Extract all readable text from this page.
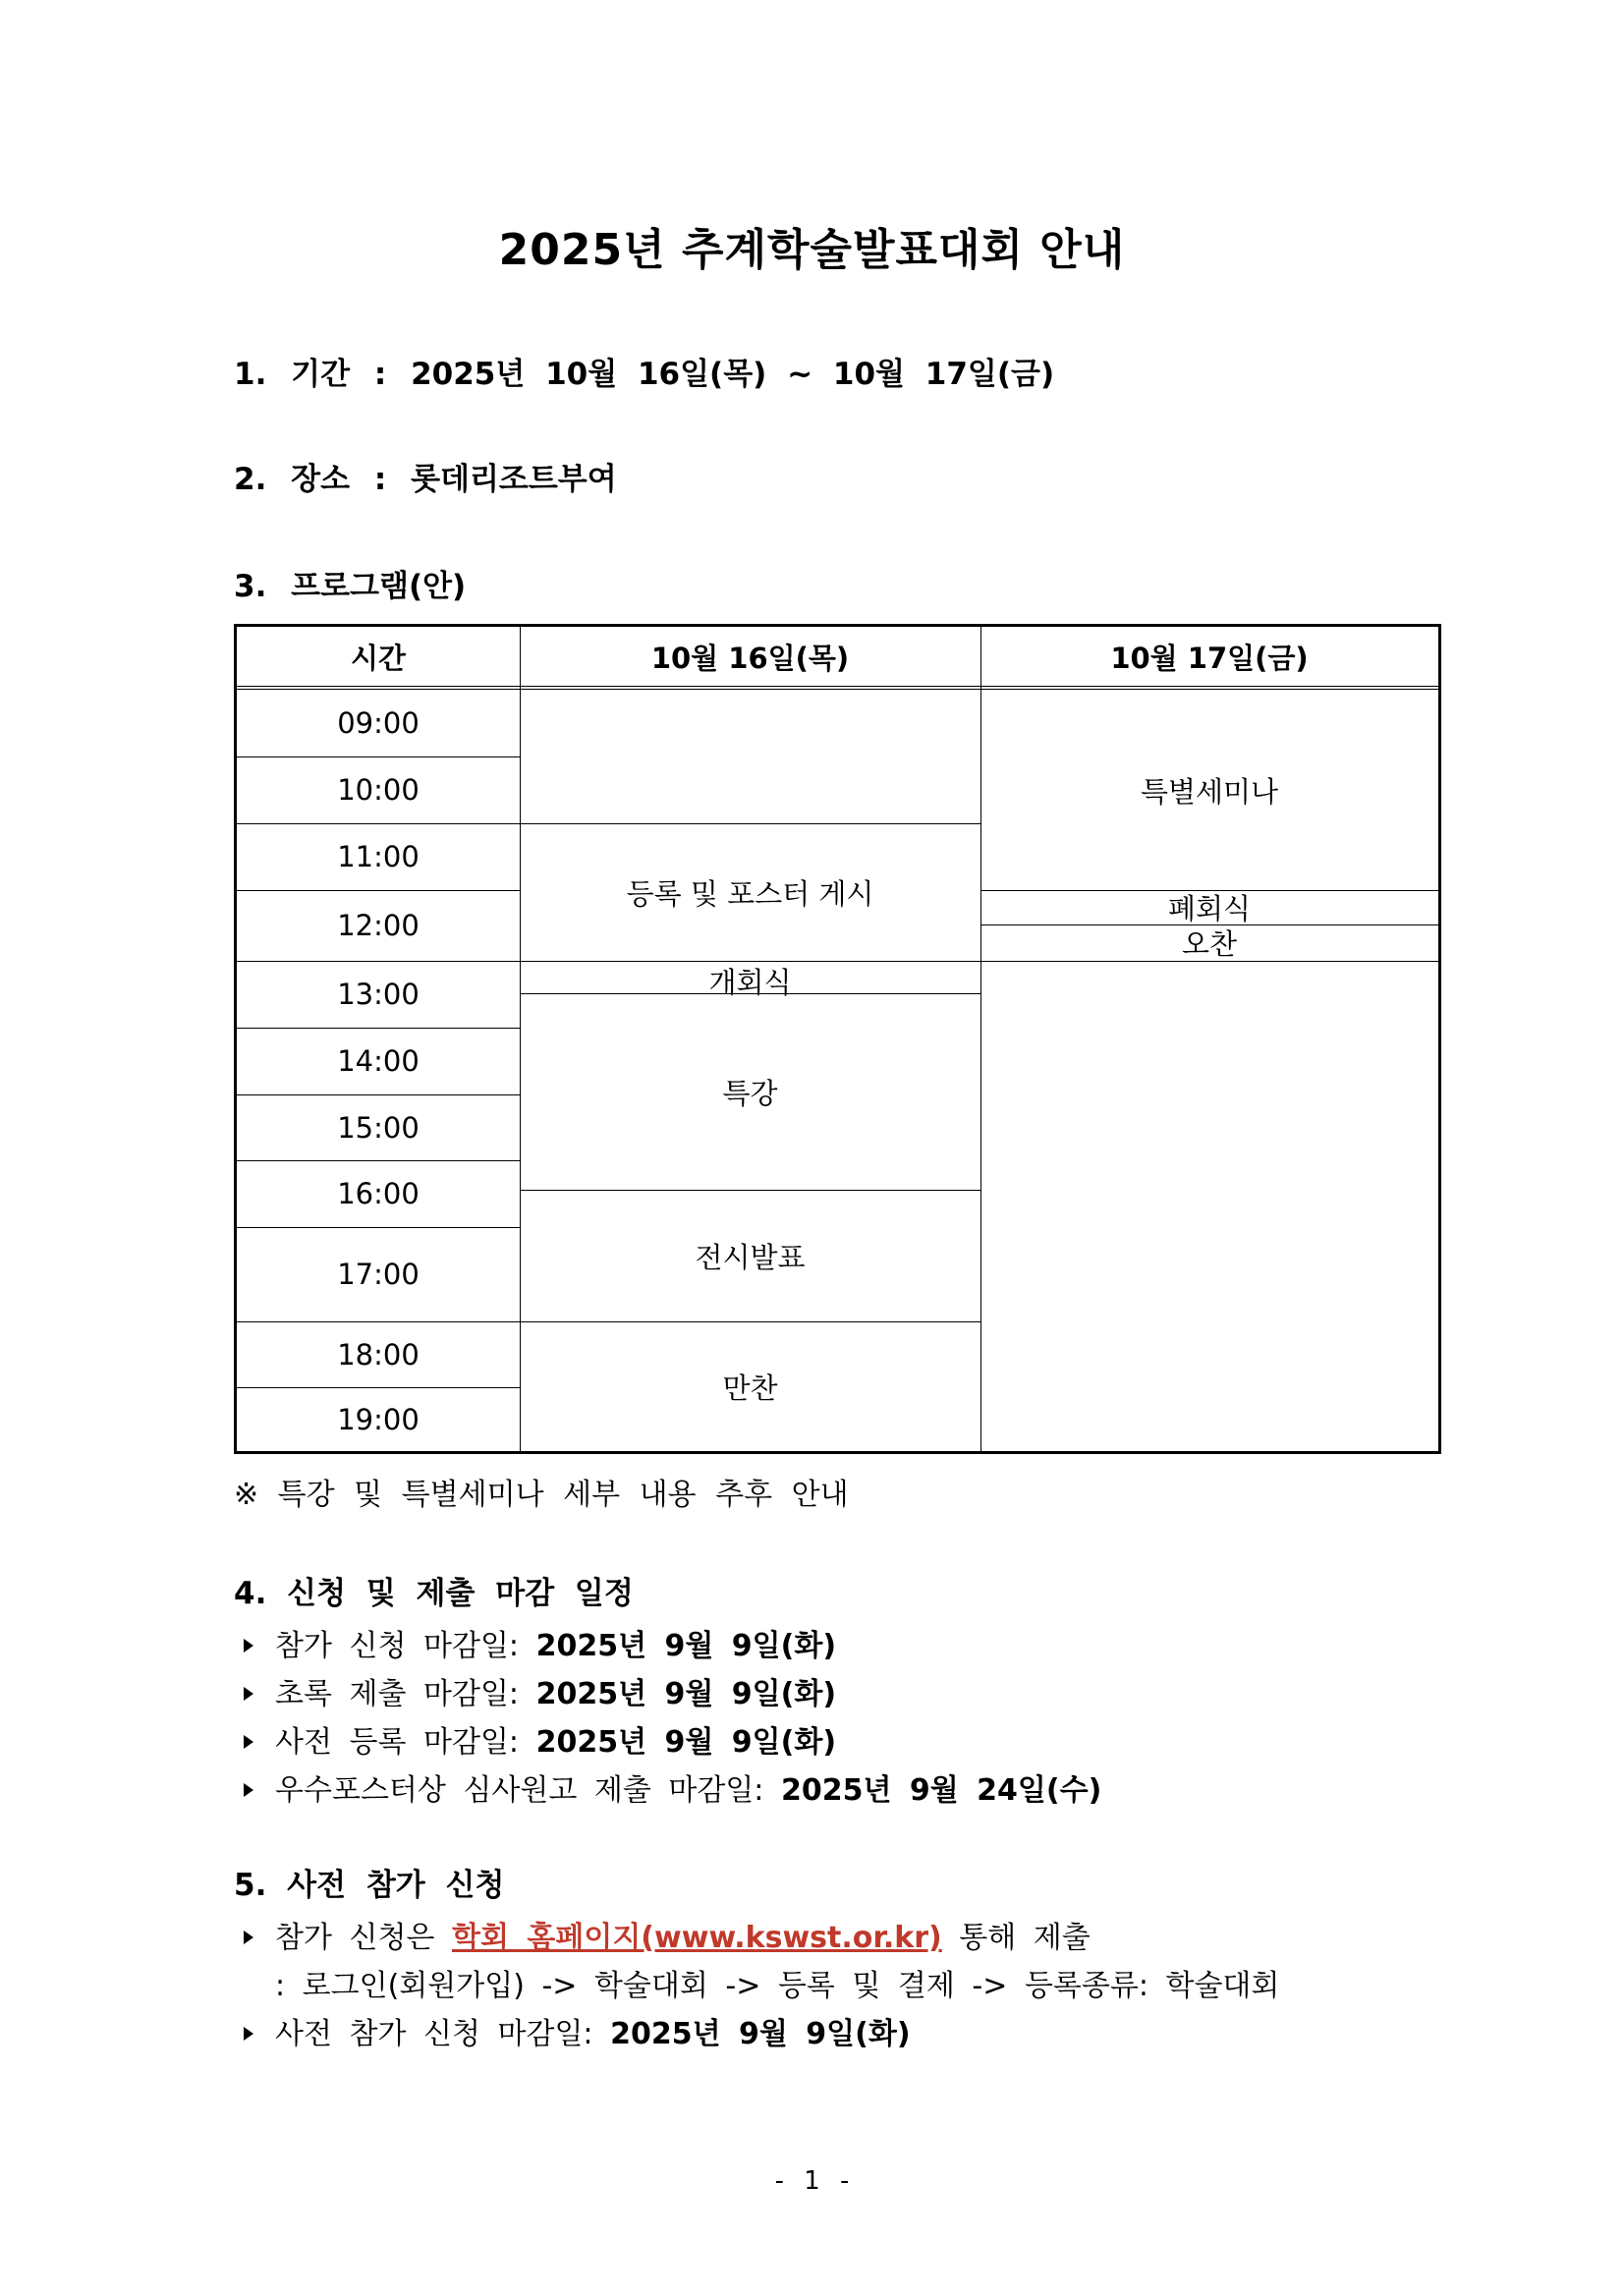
2025년 추계학술발표대회 안내
1. 기간 : 2025년 10월 16일(목) ~ 10월 17일(금)
2. 장소 : 롯데리조트부여
3. 프로그램(안)
시간	10월 16일(목)	10월 17일(금)
09:00
10:00
11:00
12:00
13:00
14:00
15:00
16:00
17:00
18:00
19:00
등록 및 포스터 게시
개회식
특강
전시발표
만찬
특별세미나
폐회식
오찬
※ 특강 및 특별세미나 세부 내용 추후 안내
4. 신청 및 제출 마감 일정
참가 신청 마감일: 2025년 9월 9일(화)
초록 제출 마감일: 2025년 9월 9일(화)
사전 등록 마감일: 2025년 9월 9일(화)
우수포스터상 심사원고 제출 마감일: 2025년 9월 24일(수)
5. 사전 참가 신청
참가 신청은 학회 홈페이지(www.kswst.or.kr) 통해 제출
: 로그인(회원가입) -> 학술대회 -> 등록 및 결제 -> 등록종류: 학술대회
사전 참가 신청 마감일: 2025년 9월 9일(화)
- 1 -
